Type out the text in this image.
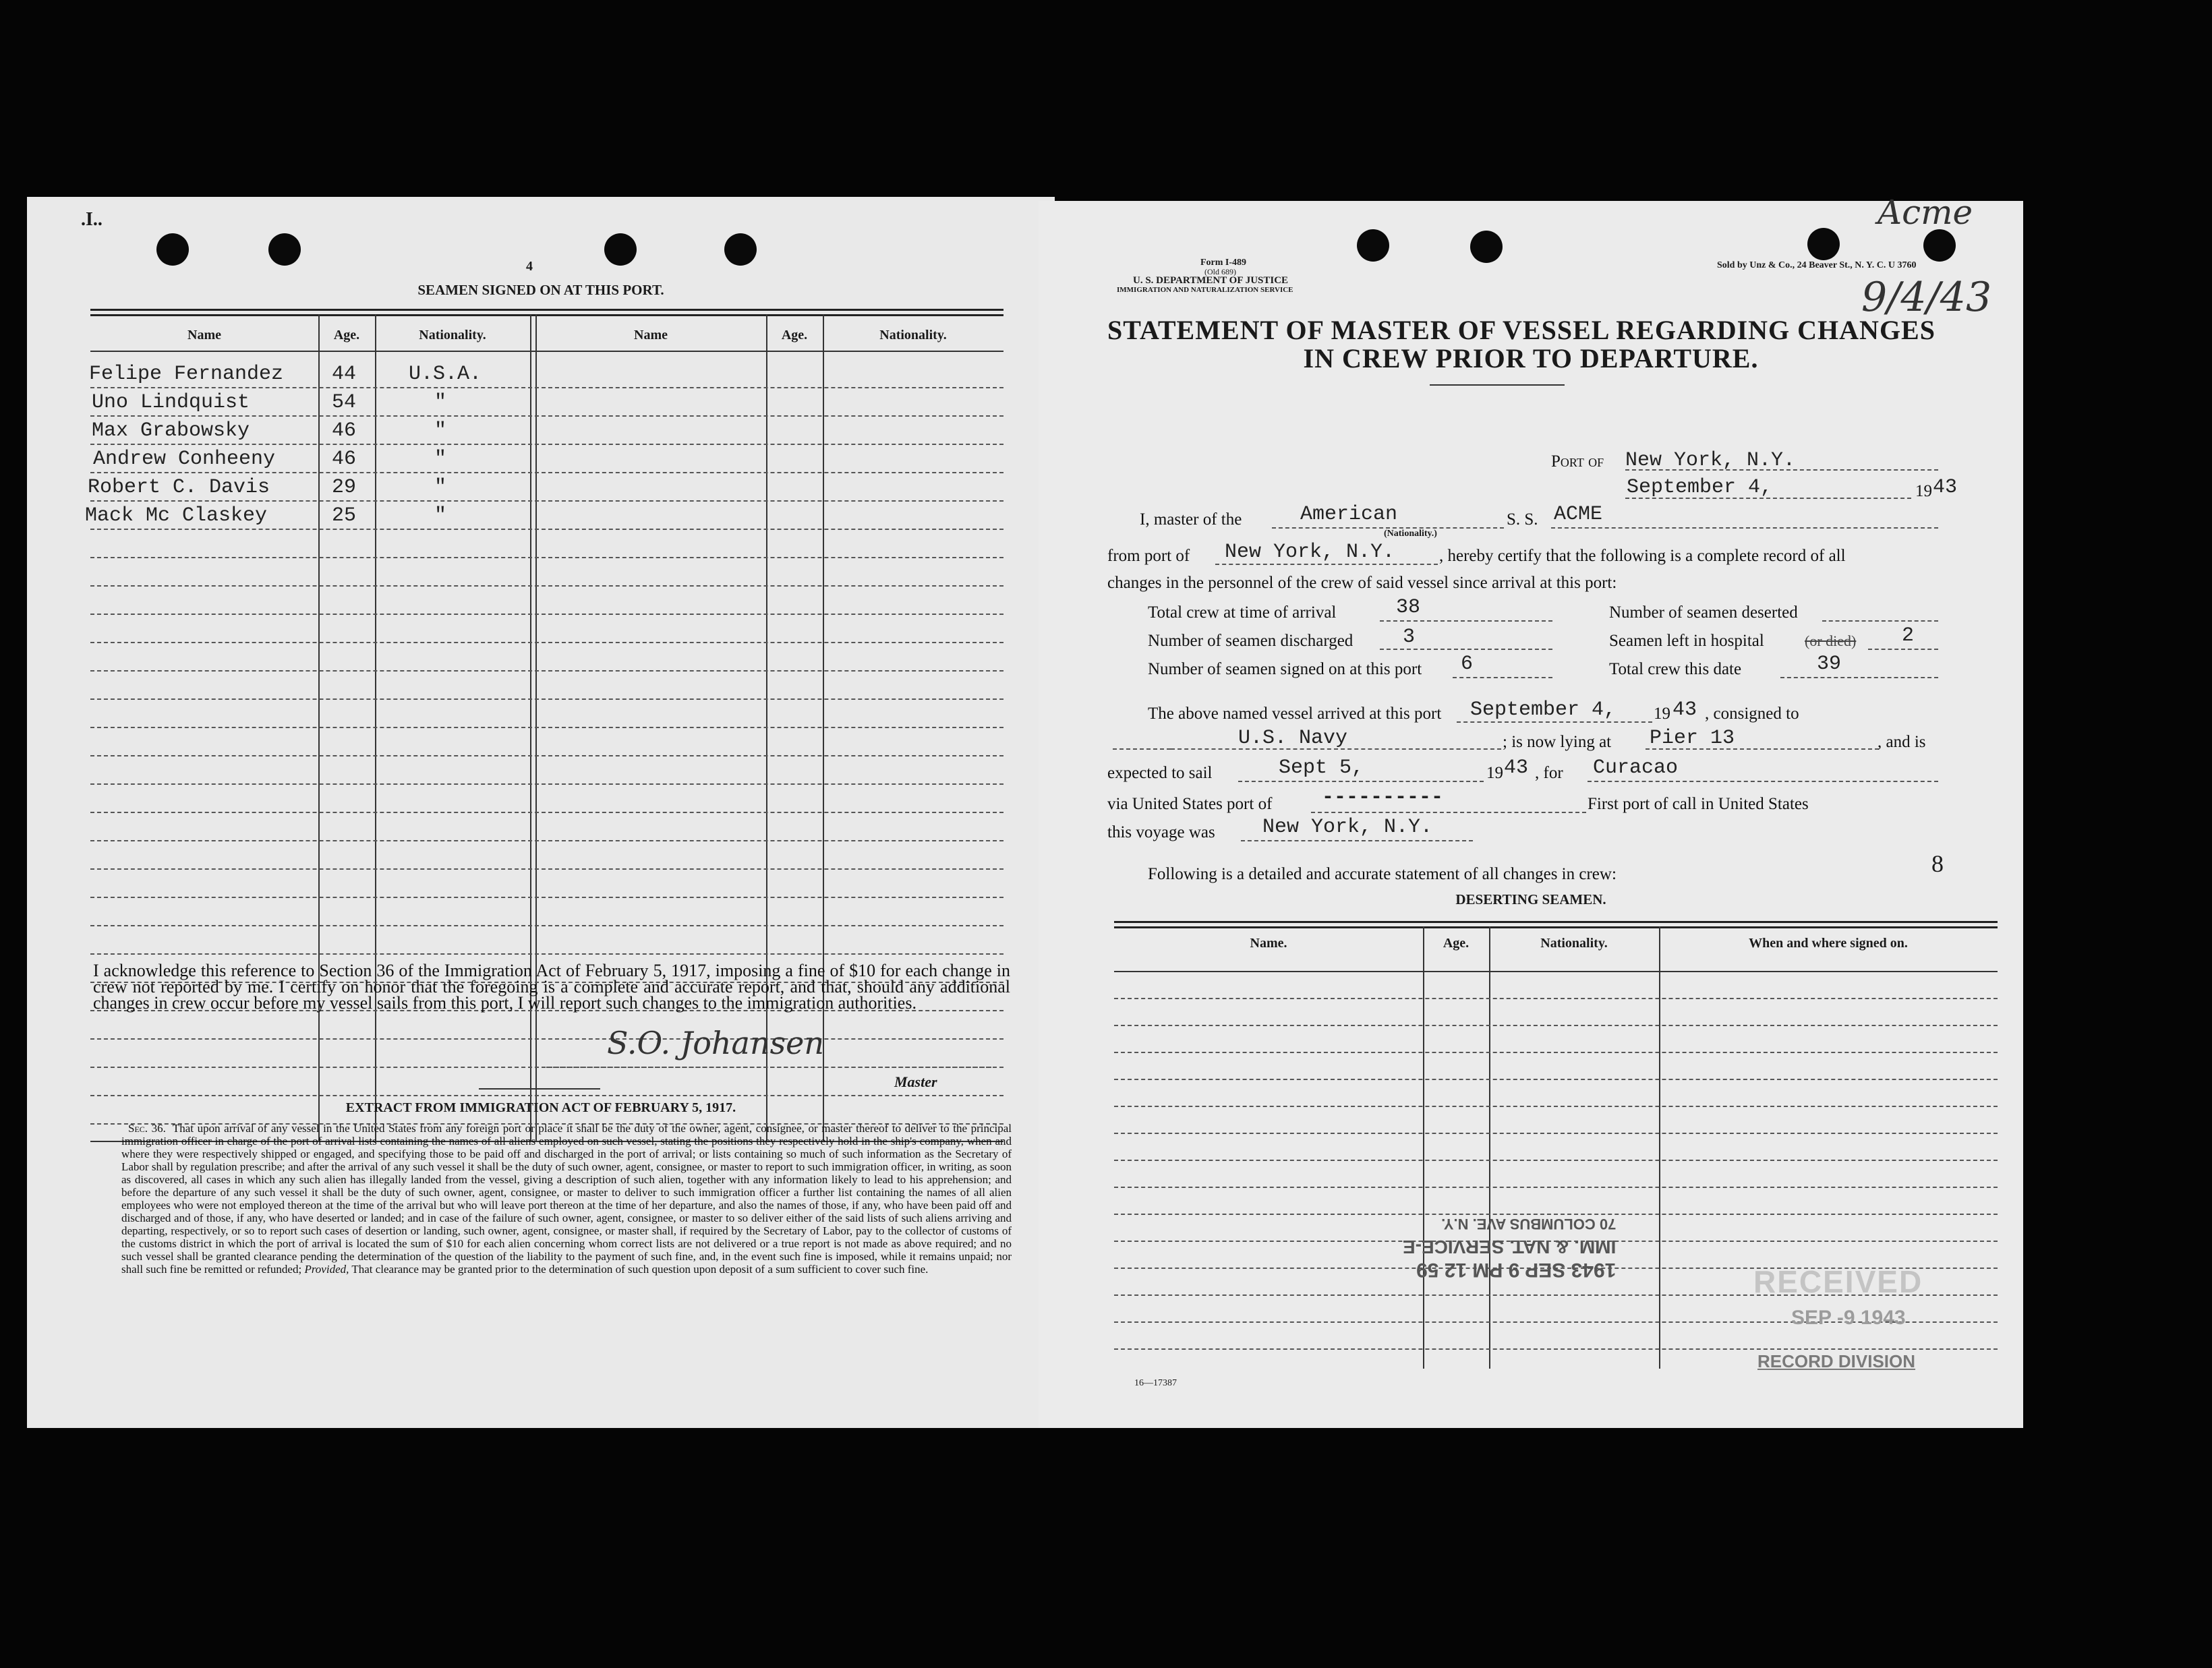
.I..
4
SEAMEN SIGNED ON AT THIS PORT.
Name	Age.	Nationality.	Name	Age.	Nationality.
Felipe Fernandez 44	U.S.A.
Uno Lindquist	54	"
Max Grabowsky	46	"
Andrew Conheeny	46	"
Robert C. Davis	29	"
Mack Mc Claskey	25	"
I acknowledge this reference to Section 36 of the Immigration Act of February 5, 1917, imposing a fine of $10 for each change in crew not reported by me. I certify on honor that the foregoing is a complete and accurate report, and that, should any additional changes in crew occur before my vessel sails from this port, I will report such changes to the immigration authorities.
S.O. Johansen
Master
EXTRACT FROM IMMIGRATION ACT OF FEBRUARY 5, 1917.
Sec. 36. That upon arrival of any vessel in the United States from any foreign port or place it shall be the duty of the owner, agent, consignee, or master thereof to deliver to the principal immigration officer in charge of the port of arrival lists containing the names of all aliens employed on such vessel, stating the positions they respectively hold in the ship's company, when and where they were respectively shipped or engaged, and specifying those to be paid off and discharged in the port of arrival; or lists containing so much of such information as the Secretary of Labor shall by regulation prescribe; and after the arrival of any such vessel it shall be the duty of such owner, agent, consignee, or master to report to such immigration officer, in writing, as soon as discovered, all cases in which any such alien has illegally landed from the vessel, giving a description of such alien, together with any information likely to lead to his apprehension; and before the departure of any such vessel it shall be the duty of such owner, agent, consignee, or master to deliver to such immigration officer a further list containing the names of all alien employees who were not employed thereon at the time of the arrival but who will leave port thereon at the time of her departure, and also the names of those, if any, who have been paid off and discharged and of those, if any, who have deserted or landed; and in case of the failure of such owner, agent, consignee, or master to so deliver either of the said lists of such aliens arriving and departing, respectively, or so to report such cases of desertion or landing, such owner, agent, consignee, or master shall, if required by the Secretary of Labor, pay to the collector of customs of the customs district in which the port of arrival is located the sum of $10 for each alien concerning whom correct lists are not delivered or a true report is not made as above required; and no such vessel shall be granted clearance pending the determination of the question of the liability to the payment of such fine, and, in the event such fine is imposed, while it remains unpaid; nor shall such fine be remitted or refunded; Provided, That clearance may be granted prior to the determination of such question upon deposit of a sum sufficient to cover such fine.
Acme
9/4/43
Form I-489
(Old 689)
U. S. DEPARTMENT OF JUSTICE
IMMIGRATION AND NATURALIZATION SERVICE
Sold by Unz & Co., 24 Beaver St., N. Y. C. U 3760
STATEMENT OF MASTER OF VESSEL REGARDING CHANGES
IN CREW PRIOR TO DEPARTURE.
Port of New York, N.Y.
September 4,	19 43
I, master of the	American
(Nationality.)
S. S. ACME
from port of New York, N.Y.	, hereby certify that the following is a complete record of all
changes in the personnel of the crew of said vessel since arrival at this port:
Total crew at time of arrival	38	Number of seamen deserted
Number of seamen discharged 3	Seamen left in hospital	(or died) 2
Number of seamen signed on at this port 6	Total crew this date	39
The above named vessel arrived at this port September 4, 19 43 , consigned to
U.S. Navy	; is now lying at Pier 13	, and is
expected to sail	Sept 5,	19 43 , for Curacao
via United States port of ----------	First port of call in United States
this voyage was New York, N.Y.
8
Following is a detailed and accurate statement of all changes in crew:
DESERTING SEAMEN.
Name.	Age.	Nationality.	When and where signed on.
1943 SEP 9 PM 12 59
IMM. & NAT. SERVICE-E
70 COLUMBUS AVE. N.Y.
RECEIVED
SEP -9 1943
RECORD DIVISION
16—17387
